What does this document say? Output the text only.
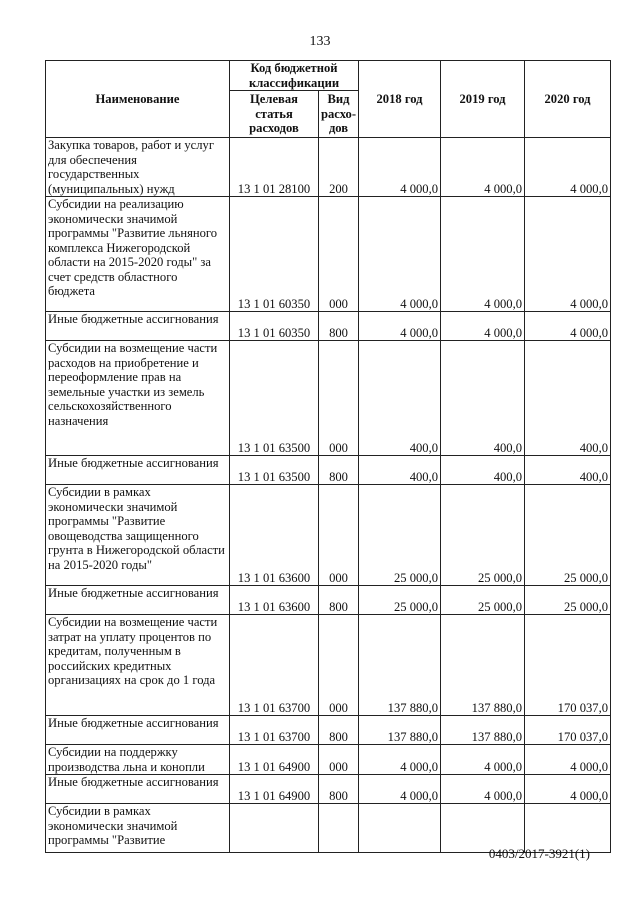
133
Наименование	Код бюджетной классификации		2018 год	2019 год	2020 год
	Целевая статья расходов	Вид расхо-дов			
Закупка товаров, работ и услуг для обеспечения государственных (муниципальных) нужд	13 1 01 28100	200	4 000,0	4 000,0	4 000,0
Субсидии на реализацию экономически значимой программы "Развитие льняного комплекса Нижегородской области на 2015-2020 годы" за счет средств областного бюджета	13 1 01 60350	000	4 000,0	4 000,0	4 000,0
Иные бюджетные ассигнования	13 1 01 60350	800	4 000,0	4 000,0	4 000,0
Субсидии на возмещение части расходов на приобретение и переоформление прав на земельные участки из земель сельскохозяйственного назначения	13 1 01 63500	000	400,0	400,0	400,0
Иные бюджетные ассигнования	13 1 01 63500	800	400,0	400,0	400,0
Субсидии в рамках экономически значимой программы "Развитие овощеводства защищенного грунта в Нижегородской области на 2015-2020 годы"	13 1 01 63600	000	25 000,0	25 000,0	25 000,0
Иные бюджетные ассигнования	13 1 01 63600	800	25 000,0	25 000,0	25 000,0
Субсидии на возмещение части затрат на уплату процентов по кредитам, полученным в российских кредитных организациях на срок до 1 года	13 1 01 63700	000	137 880,0	137 880,0	170 037,0
Иные бюджетные ассигнования	13 1 01 63700	800	137 880,0	137 880,0	170 037,0
Субсидии на поддержку производства льна и конопли	13 1 01 64900	000	4 000,0	4 000,0	4 000,0
Иные бюджетные ассигнования	13 1 01 64900	800	4 000,0	4 000,0	4 000,0
Субсидии в рамках экономически значимой программы "Развитие					
0403/2017-3921(1)
